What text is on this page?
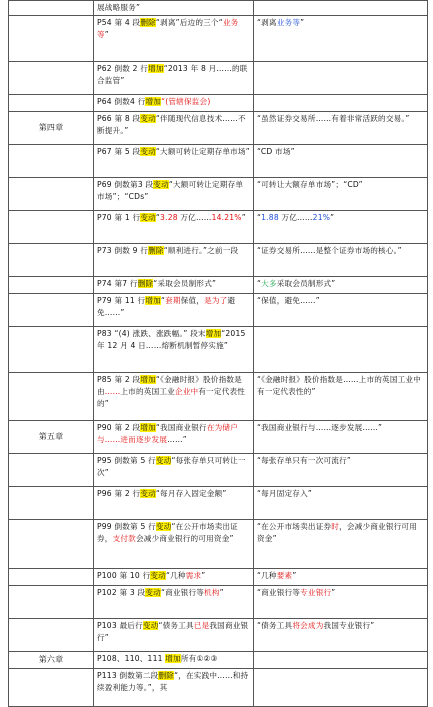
	展战略服务”	
	P54 第 4 段删除“剥离”后边的三个“业务等”	“剥离业务等”
	P62 倒数 2 行增加“2013 年 8 月……的联合监管”	
	P64 倒数4 行增加“(管辖保监会)	
第四章	P66 第 8 段变动“伴随现代信息技术……不断提升。”	“虽然证券交易所……有着非常活跃的交易。”
	P67 第 5 段变动“大额可转让定期存单市场”	“CD 市场”
	P69 倒数第3 段变动“大额可转让定期存单市场”；“CDs”	“可转让大额存单市场”；“CD”
	P70 第 1 行变动“3.28 万亿……14.21%”	“1.88 万亿……21%”
	P73 倒数 9 行删除“顺利进行。”之前一段	“证券交易所……是整个证券市场的核心。”
	P74 第7 行删除“采取会员制形式”	“大多采取会员制形式”
	P79 第 11 行增加“套期保值，是为了避免……”	“保值，避免……”
	P83 “(4) 涨跌、涨跌幅。” 段末增加“2015 年 12 月 4 日……熔断机制暂停实施”	
	P85 第 2 段增加“《金融时报》股价指数是由……上市的英国工业企业中有一定代表性的”	“《金融时报》股价指数是……上市的英国工业中有一定代表性的”
第五章	P90 第 2 段增加“我国商业银行在为储户与……进而逐步发展……”	“我国商业银行与……逐步发展……”
	P95 倒数第 5 行变动“每张存单只可转让一次”	“每张存单只有一次可流行”
	P96 第 2 行变动“每月存入固定金额”	“每月固定存入”
	P99 倒数第 5 行变动“在公开市场卖出证券，支付款会减少商业银行的可用资金”	“在公开市场卖出证券时，会减少商业银行可用资金”
	P100 第 10 行变动“几种需求”	“几种要素”
	P102 第 3 段变动“商业银行等机构”	“商业银行等专业银行”
	P103 最后行变动“债务工具已是我国商业银行”	“债务工具将会成为我国专业银行”
第六章	P108、110、111 增加所有①②③	
	P113 倒数第二段删除“，在实践中……和持续盈利能力等。”，其	
